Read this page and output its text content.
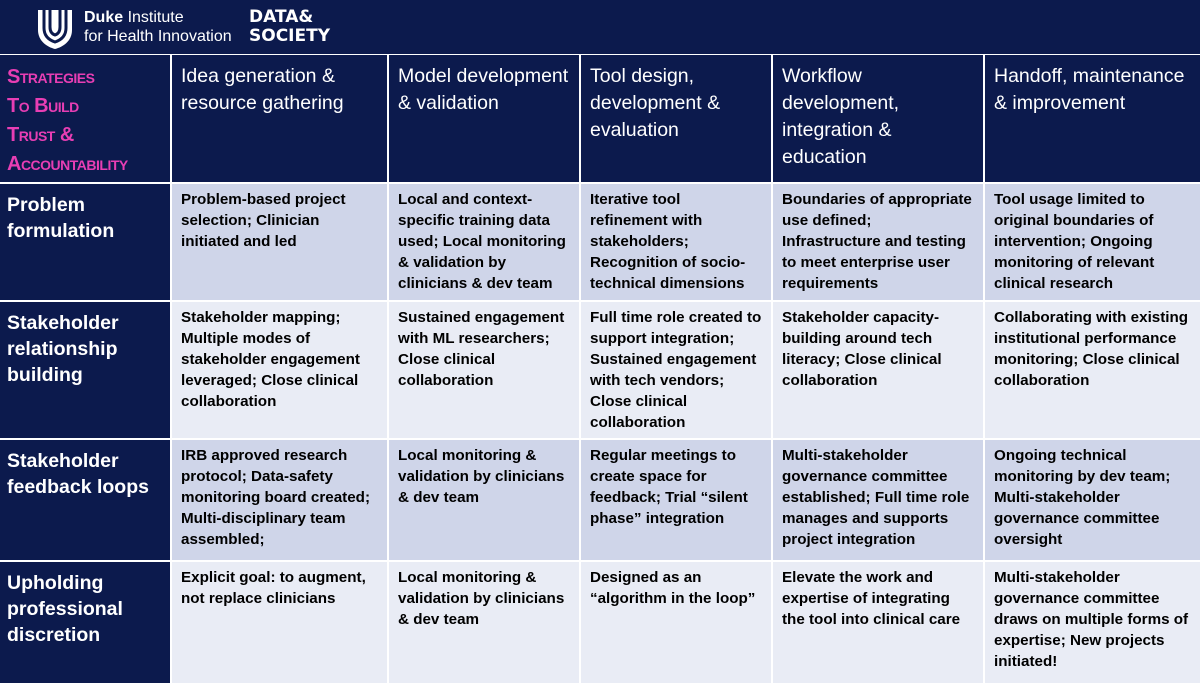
Duke Institute
for Health Innovation
DATA&
SOCIETY
Strategies
To Build
Trust &
Accountability
Idea generation & resource gathering
Model development & validation
Tool design, development & evaluation
Workflow development, integration & education
Handoff, maintenance & improvement
Problem formulation
Problem-based project selection; Clinician initiated and led
Local and context-specific training data used; Local monitoring & validation by clinicians & dev team
Iterative tool refinement with stakeholders; Recognition of socio-technical dimensions
Boundaries of appropriate use defined; Infrastructure and testing to meet enterprise user requirements
Tool usage limited to original boundaries of intervention; Ongoing monitoring of relevant clinical research
Stakeholder relationship building
Stakeholder mapping; Multiple modes of stakeholder engagement leveraged; Close clinical collaboration
Sustained engagement with ML researchers; Close clinical collaboration
Full time role created to support integration; Sustained engagement with tech vendors; Close clinical collaboration
Stakeholder capacity-building around tech literacy; Close clinical collaboration
Collaborating with existing institutional performance monitoring; Close clinical collaboration
Stakeholder feedback loops
IRB approved research protocol; Data-safety monitoring board created; Multi-disciplinary team assembled;
Local monitoring & validation by clinicians & dev team
Regular meetings to create space for feedback; Trial “silent phase” integration
Multi-stakeholder governance committee established; Full time role manages and supports project integration
Ongoing technical monitoring by dev team; Multi-stakeholder governance committee oversight
Upholding professional discretion
Explicit goal: to augment, not replace clinicians
Local monitoring & validation by clinicians & dev team
Designed as an “algorithm in the loop”
Elevate the work and expertise of integrating the tool into clinical care
Multi-stakeholder governance committee draws on multiple forms of expertise; New projects initiated!
